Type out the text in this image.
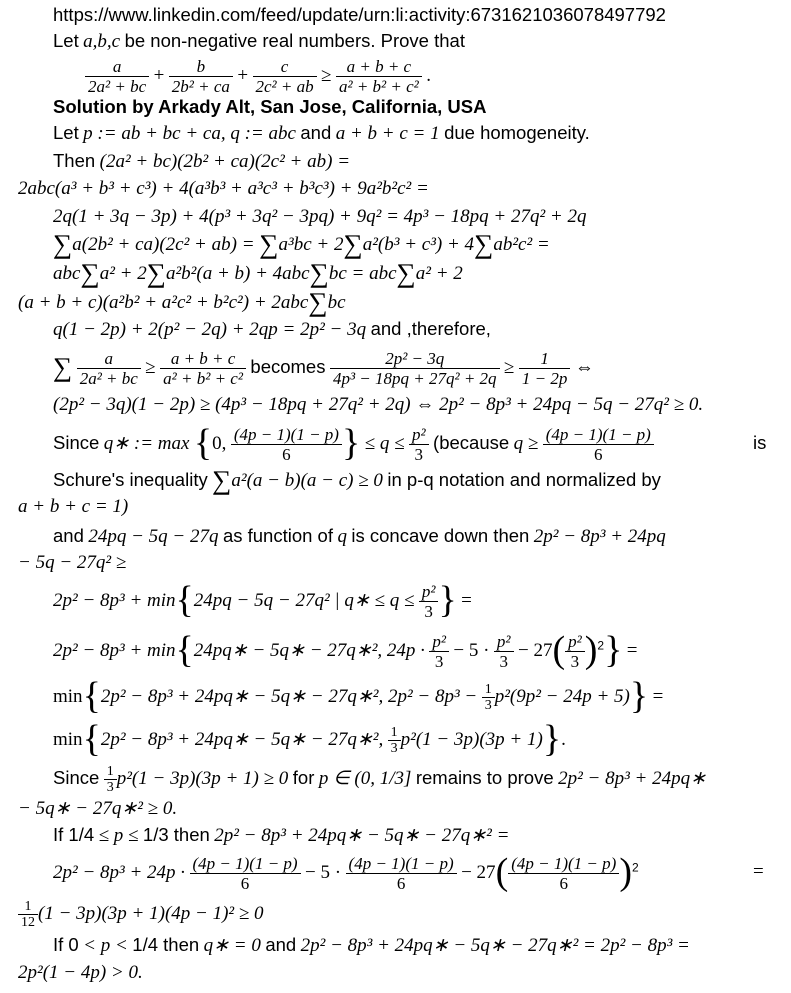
https://www.linkedin.com/feed/update/urn:li:activity:6731621036078497792
Let a,b,c be non-negative real numbers. Prove that
$\frac{a}{\text{2a² + bc}} + \frac{b}{\text{2b² + ca}} + \frac{c}{\text{2c² + ab}} \ge \frac{a + b + c}{\text{a² + b² + c²}}$ .
Solution by Arkady Alt, San Jose, California, USA
Let p := ab + bc + ca, q := abc and a + b + c = 1 due homogeneity.
Then (2a² + bc)(2b² + ca)(2c² + ab) =
2abc(a³ + b³ + c³) + 4(a³b³ + a³c³ + b³c³) + 9a²b²c² =
2q(1 + 3q − 3p) + 4(p³ + 3q² − 3pq) + 9q² = 4p³ − 18pq + 27q² + 2q
∑a(2b² + ca)(2c² + ab) = ∑a³bc + 2∑a²(b³ + c³) + 4∑ab²c² =
abc∑a² + 2∑a²b²(a + b) + 4abc∑bc = abc∑a² + 2
(a + b + c)(a²b² + a²c² + b²c²) + 2abc∑bc
q(1 − 2p) + 2(p² − 2q) + 2qp = 2p² − 3q and ,therefore,
∑ $\frac{a}{\text{2a² + bc}} \ge \frac{a + b + c}{\text{a² + b² + c²}}$ becomes $\frac{\text{2p² − 3q}}{\text{4p³ − 18pq + 27q² + 2q}} \ge \frac{1}{1 - 2p}$ ⇔
(2p² − 3q)(1 − 2p) ≥ (4p³ − 18pq + 27q² + 2q) ⇔ 2p² − 8p³ + 24pq − 5q − 27q² ≥ 0.
Since q∗ := max {0, $\frac{(4p - 1)(1 - p)}{6}$ } ≤ $q \le \frac{\text{p²}}{3}$ (because $q \ge \frac{(4p - 1)(1 - p)}{6}$	is
Schure's inequality ∑a²(a − b)(a − c) ≥ 0 in p-q notation and normalized by
a + b + c = 1)
and 24pq − 5q − 27q as function of q is concave down then 2p² − 8p³ + 24pq
− 5q − 27q² ≥
2p² − 8p³ + min{24pq − 5q − 27q² | q∗ ≤ $q \le \frac{\text{p²}}{3}$ } =
2p² − 8p³ + min{24pq∗ − 5q∗ − 27q∗², $24p \cdot \frac{\text{p²}}{3} - 5 \cdot \frac{\text{p²}}{3} - 27( \frac{\text{p²}}{3} )^2$} =
min{2p² − 8p³ + 24pq∗ − 5q∗ − 27q∗², $2p^2 - 8p^3 - \frac{1}{3} p^2(9p^2 - 24p + 5)$} =
min{2p² − 8p³ + 24pq∗ − 5q∗ − 27q∗², $\frac{1}{3} p^2(1 - 3p)(3p + 1)$}.
Since $\frac{1}{3} p^2(1 - 3p)(3p + 1) \ge 0$ for p ∈ (0, 1/3] remains to prove 2p² − 8p³ + 24pq∗
− 5q∗ − 27q∗² ≥ 0.
If 1/4 ≤ p ≤ 1/3 then 2p² − 8p³ + 24pq∗ − 5q∗ − 27q∗² =
$2p^2 - 8p^3 + 24p \cdot \frac{(4p - 1)(1 - p)}{6} - 5 \cdot \frac{(4p - 1)(1 - p)}{6} - 27( \frac{(4p - 1)(1 - p)}{6} )^2$	=
$\frac{1}{12} (1 - 3p)(3p + 1)(4p - 1)^2 \ge 0$
If 0 < p < 1/4 then q∗ = 0 and 2p² − 8p³ + 24pq∗ − 5q∗ − 27q∗² = 2p² − 8p³ =
2p²(1 − 4p) > 0.
